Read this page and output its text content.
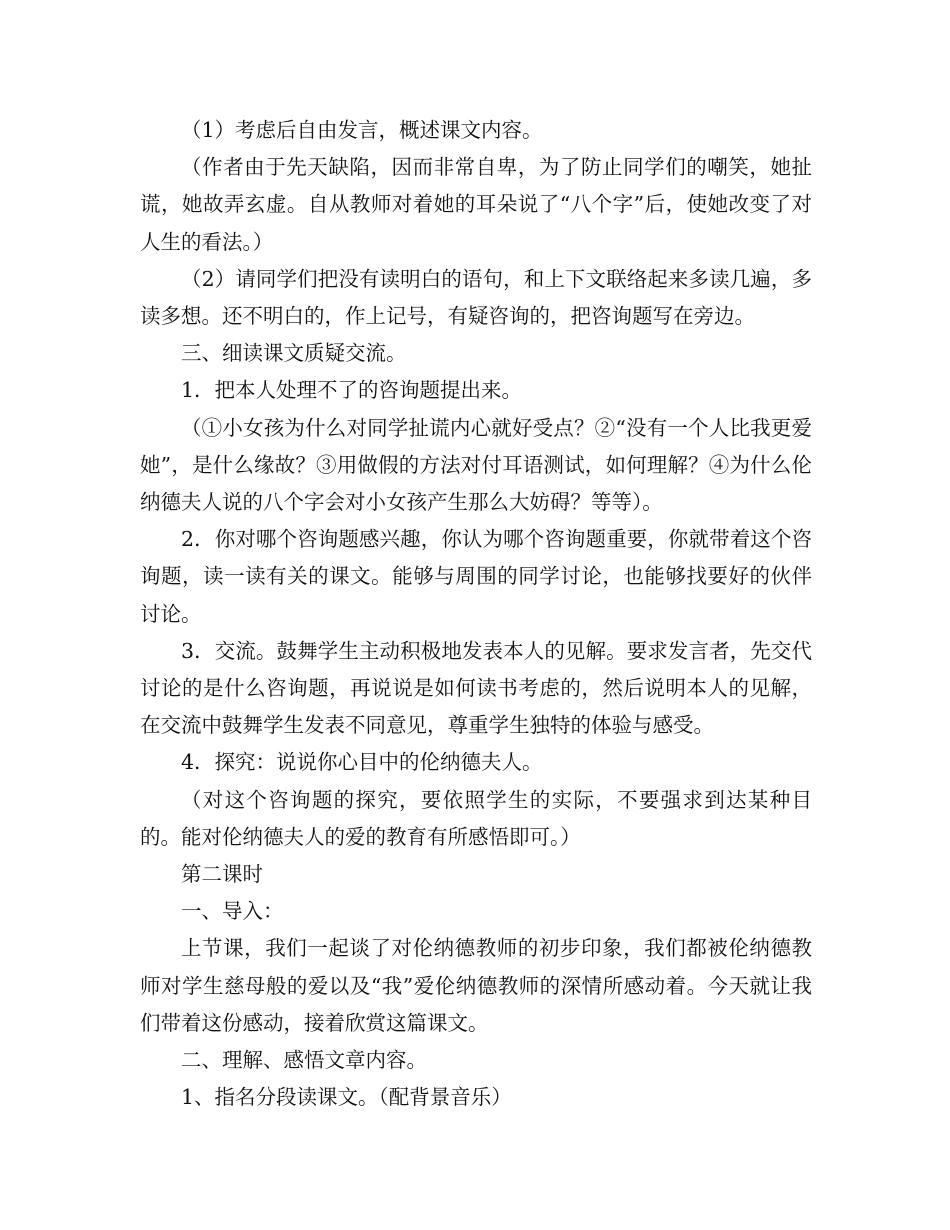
（1）考虑后自由发言，概述课文内容。

（作者由于先天缺陷，因而非常自卑，为了防止同学们的嘲笑，她扯谎，她故弄玄虚。自从教师对着她的耳朵说了“八个字”后，使她改变了对人生的看法。）

（2）请同学们把没有读明白的语句，和上下文联络起来多读几遍，多读多想。还不明白的，作上记号，有疑咨询的，把咨询题写在旁边。

三、细读课文质疑交流。

1．把本人处理不了的咨询题提出来。

（①小女孩为什么对同学扯谎内心就好受点？②“没有一个人比我更爱她”，是什么缘故？③用做假的方法对付耳语测试，如何理解？④为什么伦纳德夫人说的八个字会对小女孩产生那么大妨碍？等等）。

2．你对哪个咨询题感兴趣，你认为哪个咨询题重要，你就带着这个咨询题，读一读有关的课文。能够与周围的同学讨论，也能够找要好的伙伴讨论。

3．交流。鼓舞学生主动积极地发表本人的见解。要求发言者，先交代讨论的是什么咨询题，再说说是如何读书考虑的，然后说明本人的见解，在交流中鼓舞学生发表不同意见，尊重学生独特的体验与感受。

4．探究：说说你心目中的伦纳德夫人。

（对这个咨询题的探究，要依照学生的实际，不要强求到达某种目的。能对伦纳德夫人的爱的教育有所感悟即可。）

第二课时

一、导入：

上节课，我们一起谈了对伦纳德教师的初步印象，我们都被伦纳德教师对学生慈母般的爱以及“我”爱伦纳德教师的深情所感动着。今天就让我们带着这份感动，接着欣赏这篇课文。

二、理解、感悟文章内容。

1、指名分段读课文。（配背景音乐）
